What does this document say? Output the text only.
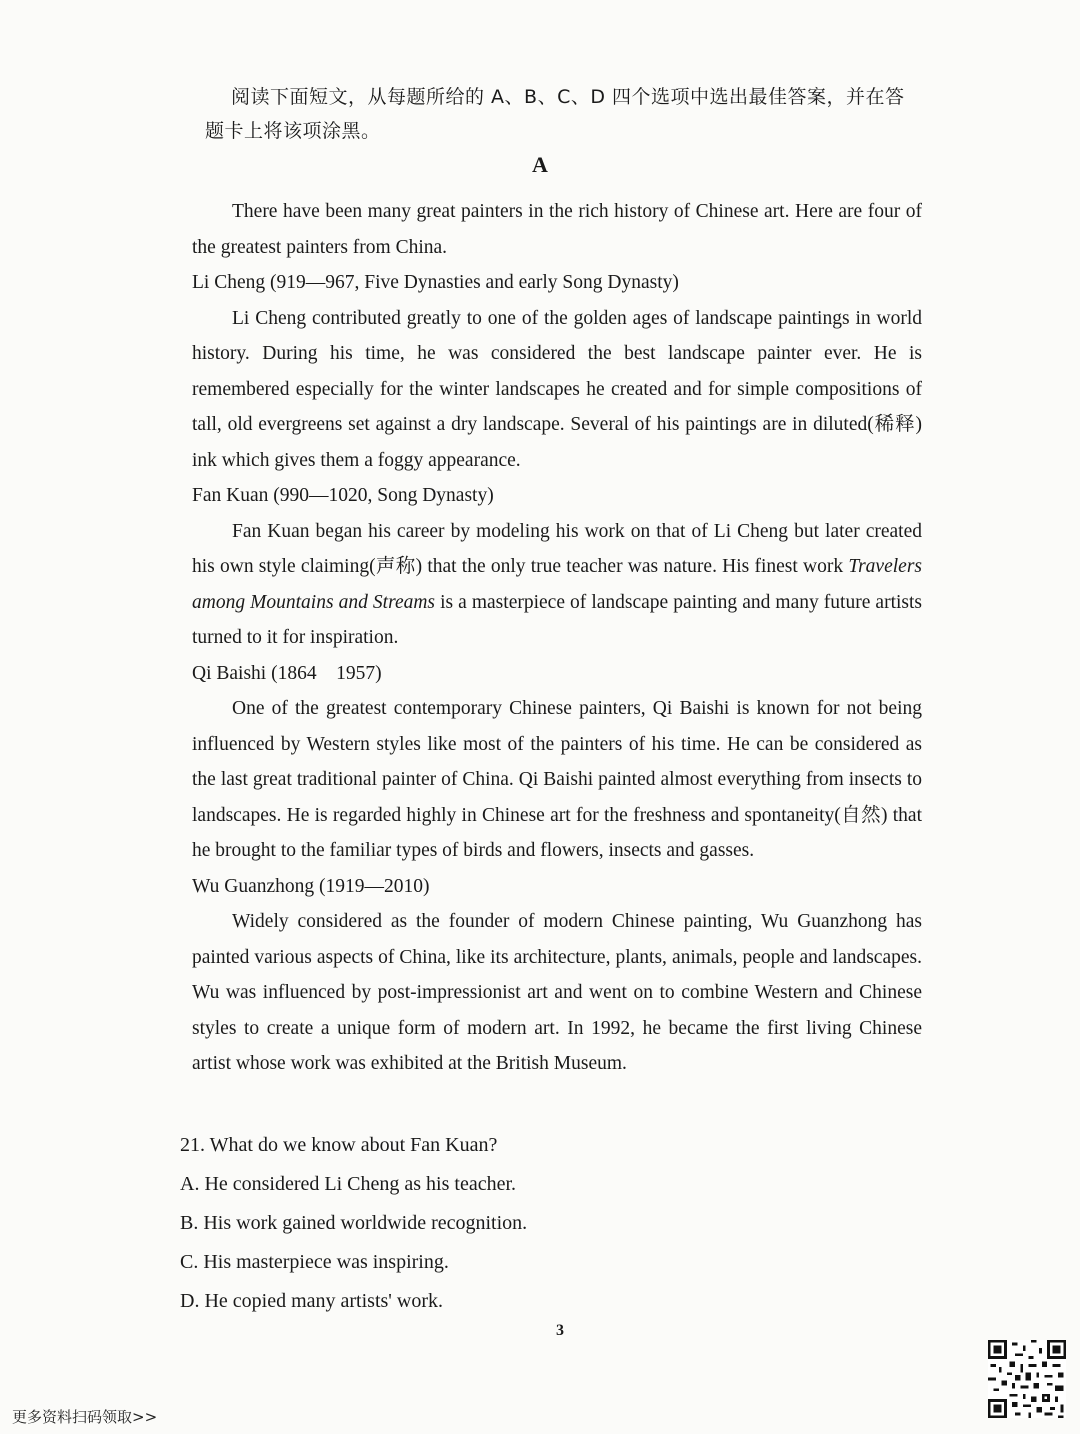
阅读下面短文，从每题所给的 A、B、C、D 四个选项中选出最佳答案，并在答题卡上将该项涂黑。
A

There have been many great painters in the rich history of Chinese art. Here are four of the greatest painters from China.

Li Cheng (919—967, Five Dynasties and early Song Dynasty)

Li Cheng contributed greatly to one of the golden ages of landscape paintings in world history. During his time, he was considered the best landscape painter ever. He is remembered especially for the winter landscapes he created and for simple compositions of tall, old evergreens set against a dry landscape. Several of his paintings are in diluted(稀释) ink which gives them a foggy appearance.

Fan Kuan (990—1020, Song Dynasty)

Fan Kuan began his career by modeling his work on that of Li Cheng but later created his own style claiming(声称) that the only true teacher was nature. His finest work Travelers among Mountains and Streams is a masterpiece of landscape painting and many future artists turned to it for inspiration.

Qi Baishi (1864　1957)

One of the greatest contemporary Chinese painters, Qi Baishi is known for not being influenced by Western styles like most of the painters of his time. He can be considered as the last great traditional painter of China. Qi Baishi painted almost everything from insects to landscapes. He is regarded highly in Chinese art for the freshness and spontaneity(自然) that he brought to the familiar types of birds and flowers, insects and gasses.

Wu Guanzhong (1919—2010)

Widely considered as the founder of modern Chinese painting, Wu Guanzhong has painted various aspects of China, like its architecture, plants, animals, people and landscapes. Wu was influenced by post-impressionist art and went on to combine Western and Chinese styles to create a unique form of modern art. In 1992, he became the first living Chinese artist whose work was exhibited at the British Museum.

21. What do we know about Fan Kuan?

A. He considered Li Cheng as his teacher.

B. His work gained worldwide recognition.

C. His masterpiece was inspiring.

D. He copied many artists' work.

3
更多资料扫码领取>>
